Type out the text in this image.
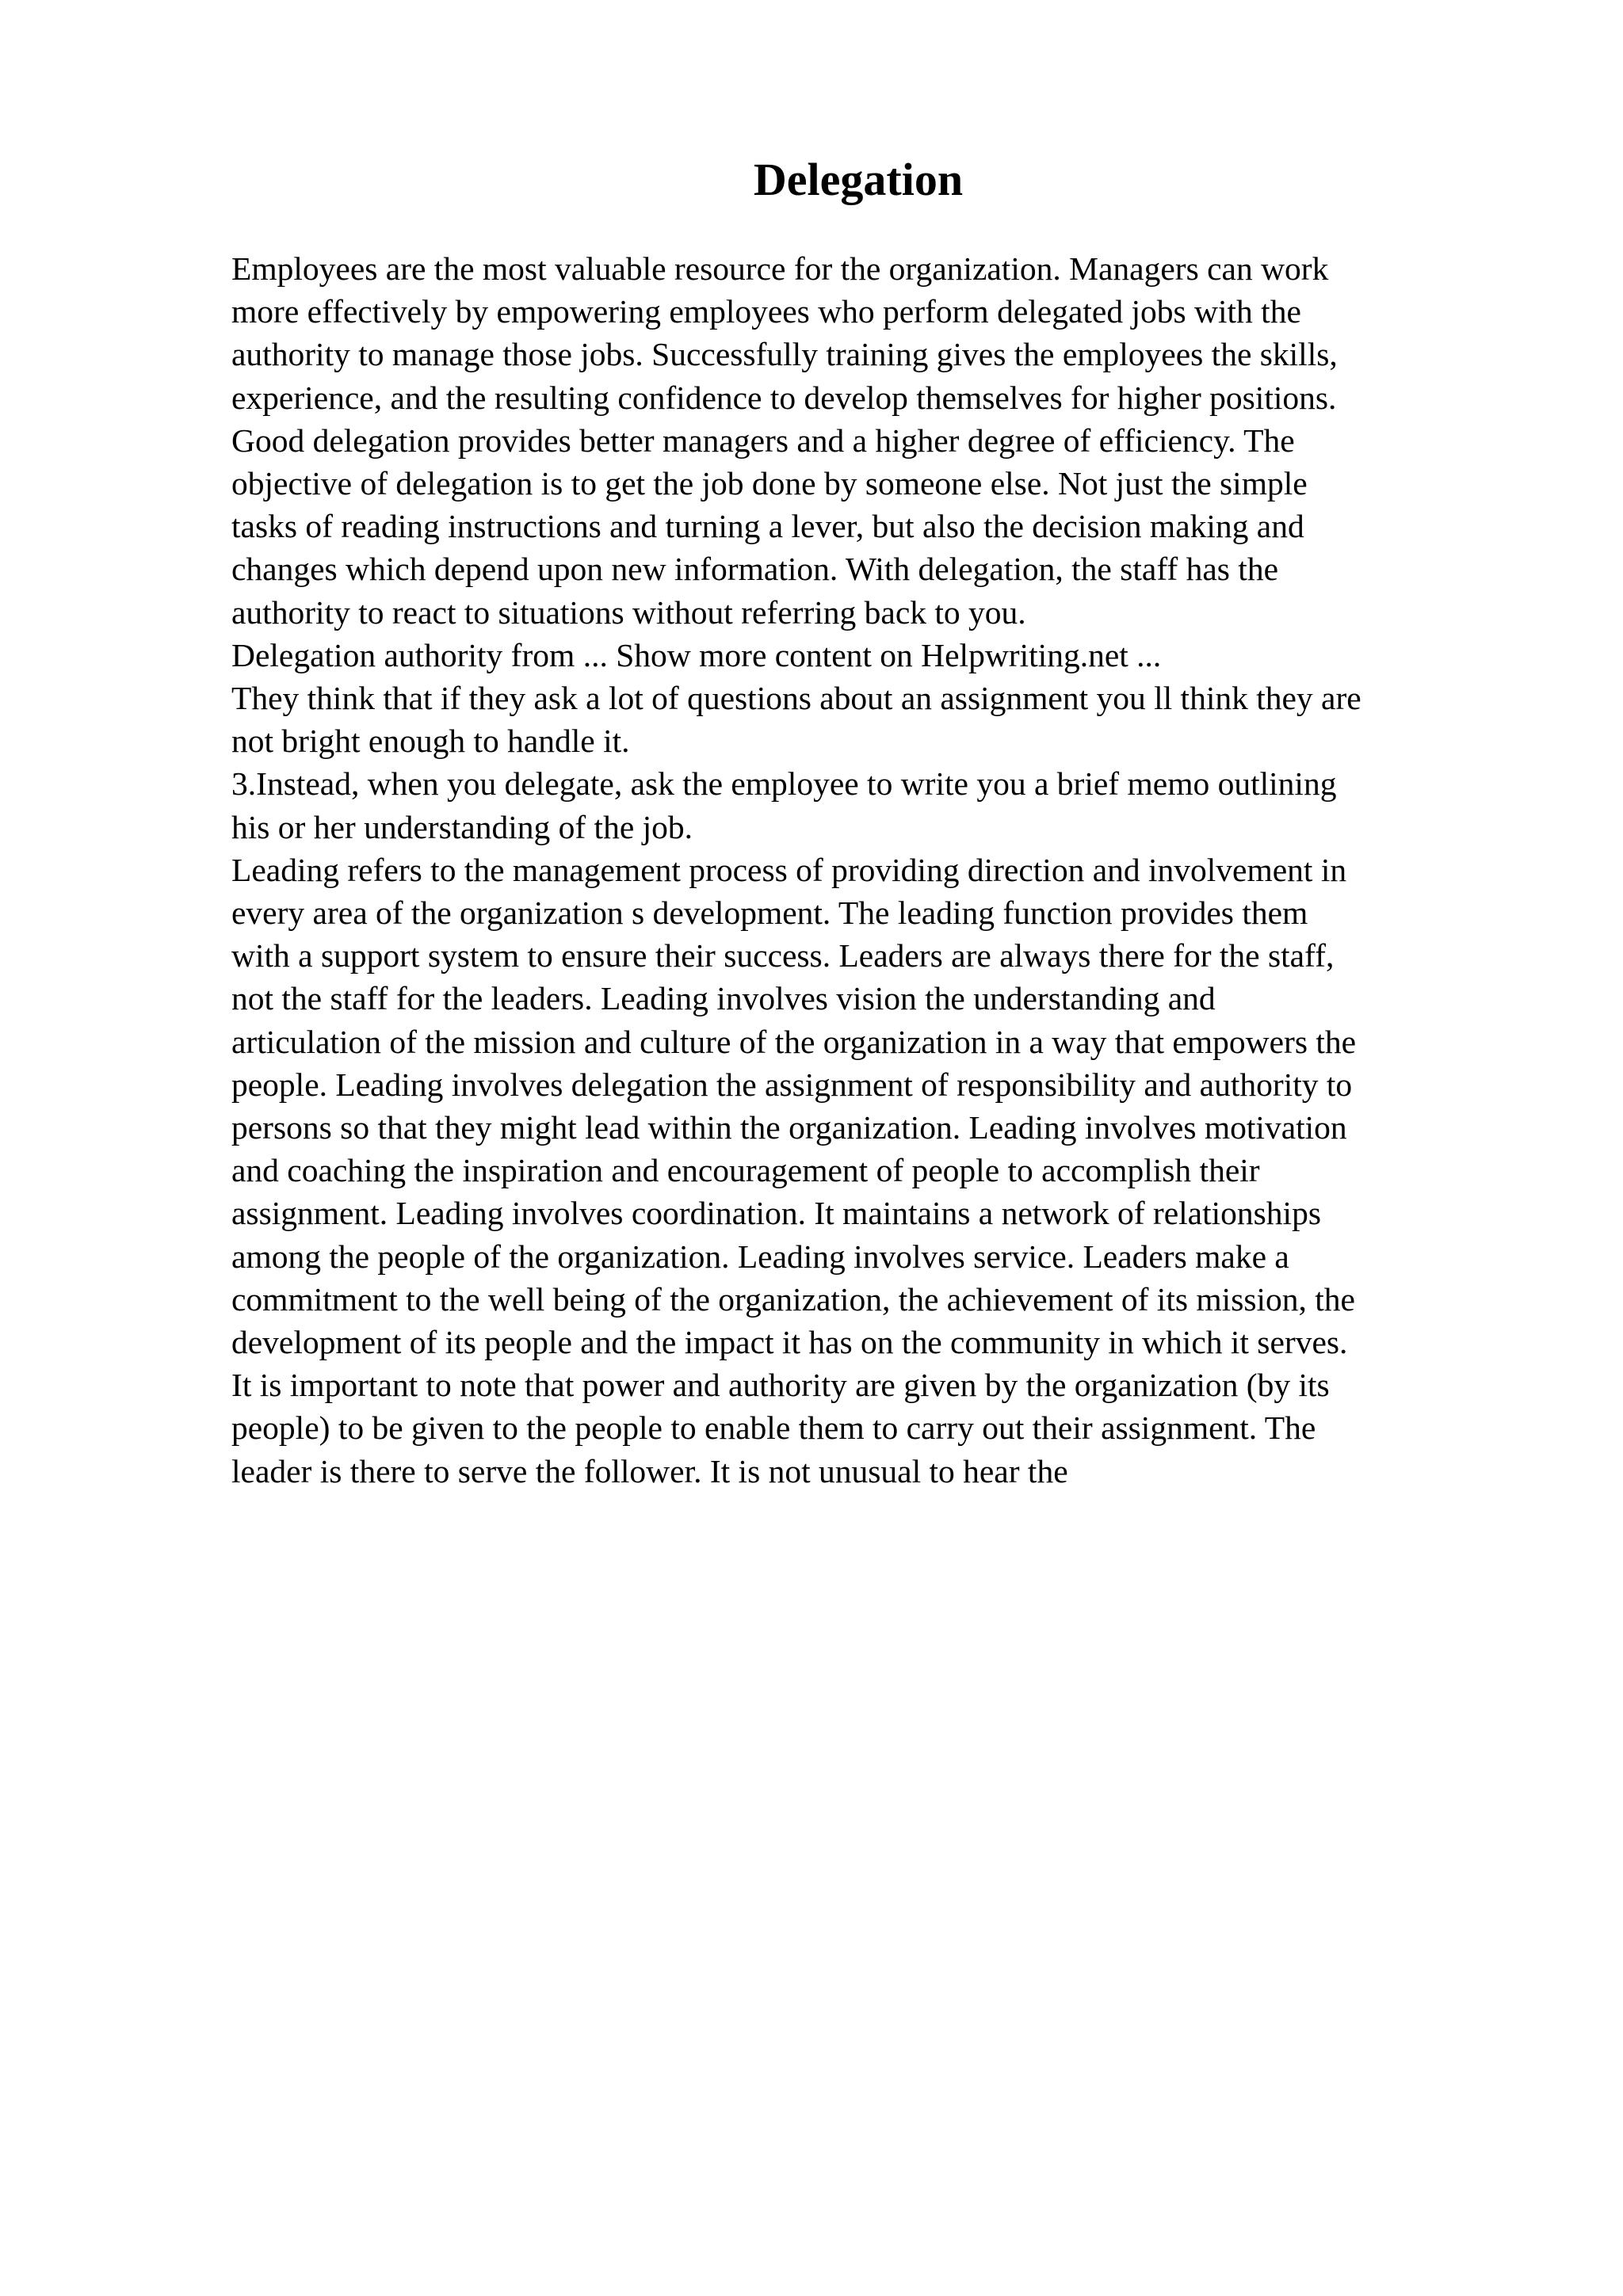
Delegation
Employees are the most valuable resource for the organization. Managers can work
more effectively by empowering employees who perform delegated jobs with the
authority to manage those jobs. Successfully training gives the employees the skills,
experience, and the resulting confidence to develop themselves for higher positions.
Good delegation provides better managers and a higher degree of efficiency. The
objective of delegation is to get the job done by someone else. Not just the simple
tasks of reading instructions and turning a lever, but also the decision making and
changes which depend upon new information. With delegation, the staff has the
authority to react to situations without referring back to you.
Delegation authority from ... Show more content on Helpwriting.net ...
They think that if they ask a lot of questions about an assignment you ll think they are
not bright enough to handle it.
3.Instead, when you delegate, ask the employee to write you a brief memo outlining
his or her understanding of the job.
Leading refers to the management process of providing direction and involvement in
every area of the organization s development. The leading function provides them
with a support system to ensure their success. Leaders are always there for the staff,
not the staff for the leaders. Leading involves vision the understanding and
articulation of the mission and culture of the organization in a way that empowers the
people. Leading involves delegation the assignment of responsibility and authority to
persons so that they might lead within the organization. Leading involves motivation
and coaching the inspiration and encouragement of people to accomplish their
assignment. Leading involves coordination. It maintains a network of relationships
among the people of the organization. Leading involves service. Leaders make a
commitment to the well being of the organization, the achievement of its mission, the
development of its people and the impact it has on the community in which it serves.
It is important to note that power and authority are given by the organization (by its
people) to be given to the people to enable them to carry out their assignment. The
leader is there to serve the follower. It is not unusual to hear the
